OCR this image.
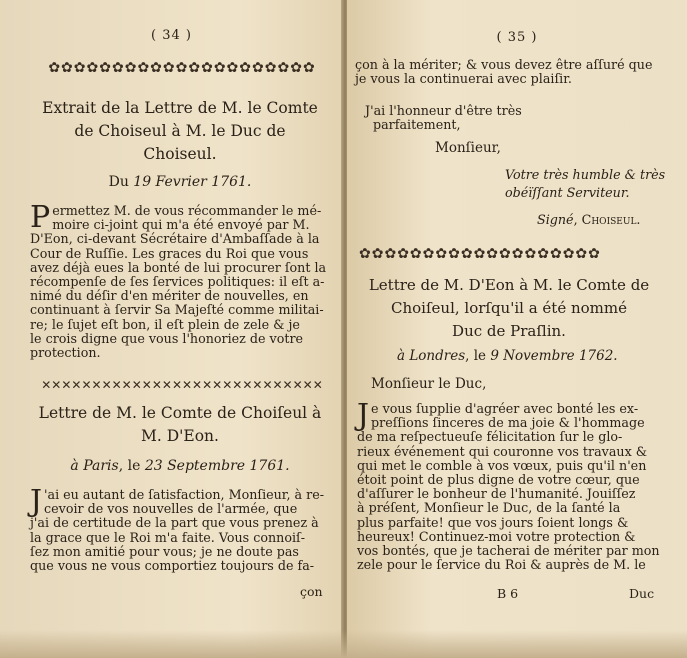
( 34 )
✿✿✿✿✿✿✿✿✿✿✿✿✿✿✿✿✿✿✿✿✿
Extrait de la Lettre de M. le Comte
de Choiseul à M. le Duc de
Choiseul.
Du 19 Fevrier 1761.
P ermettez M. de vous récommander le mé-
moire ci-joint qui m'a été envoyé par M.
D'Eon, ci-devant Sécrétaire d'Ambaſſade à la
Cour de Ruſſie. Les graces du Roi que vous
avez déjà eues la bonté de lui procurer ſont la
récompenſe de ſes ſervices politiques: il eſt a-
nimé du déſir d'en mériter de nouvelles, en
continuant à ſervir Sa Majeſté comme militai-
re; le ſujet eſt bon, il eſt plein de zele & je
le crois digne que vous l'honoriez de votre
protection.
✕✕✕✕✕✕✕✕✕✕✕✕✕✕✕✕✕✕✕✕✕✕✕✕✕✕✕✕
Lettre de M. le Comte de Choiſeul à
M. D'Eon.
à Paris, le 23 Septembre 1761.
J 'ai eu autant de ſatisfaction, Monſieur, à re-
cevoir de vos nouvelles de l'armée, que
j'ai de certitude de la part que vous prenez à
la grace que le Roi m'a faite. Vous connoiſ-
ſez mon amitié pour vous; je ne doute pas
que vous ne vous comportiez toujours de fa-
çon
( 35 )
çon à la mériter; & vous devez être aſſuré que
je vous la continuerai avec plaiſir.
J'ai l'honneur d'être très
parfaitement,
Monſieur,
Votre très humble & très
obéïſſant Serviteur.
Signé, Choiseul.
✿✿✿✿✿✿✿✿✿✿✿✿✿✿✿✿✿✿✿
Lettre de M. D'Eon à M. le Comte de
Choiſeul, lorſqu'il a été nommé
Duc de Praſlin.
à Londres, le 9 Novembre 1762.
Monſieur le Duc,
J e vous ſupplie d'agréer avec bonté les ex-
preſſions ſinceres de ma joie & l'hommage
de ma reſpectueuſe félicitation ſur le glo-
rieux événement qui couronne vos travaux &
qui met le comble à vos vœux, puis qu'il n'en
étoit point de plus digne de votre cœur, que
d'aſſurer le bonheur de l'humanité. Jouiſſez
à préſent, Monſieur le Duc, de la ſanté la
plus parfaite! que vos jours ſoient longs &
heureux! Continuez-moi votre protection &
vos bontés, que je tacherai de mériter par mon
zele pour le ſervice du Roi & auprès de M. le
B 6	Duc
